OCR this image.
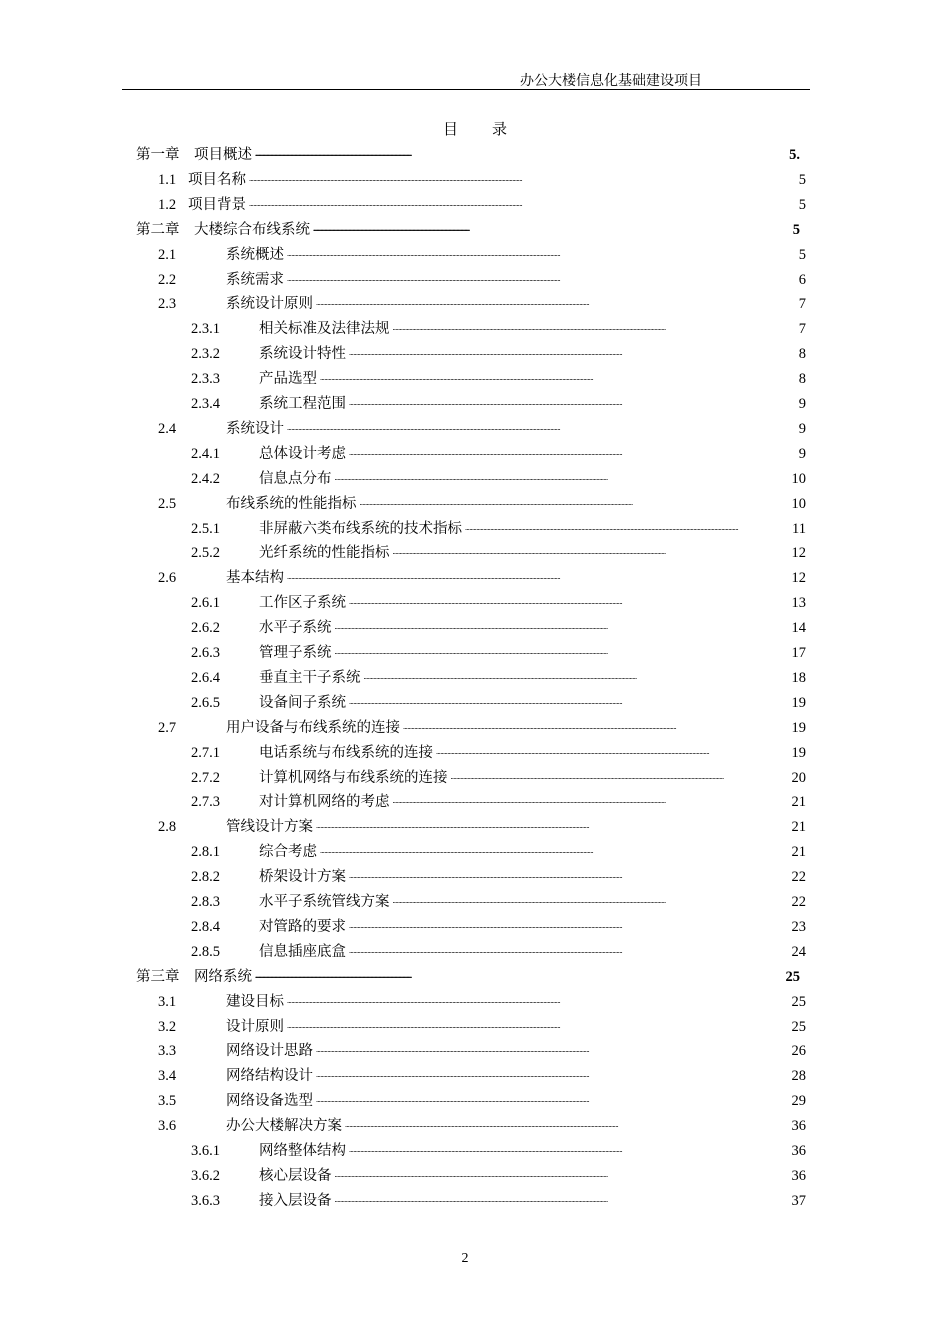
办公大楼信息化基础建设项目
目录
第一章	项目概述 . . .	5.
1.1 项目名称 . . .	5
1.2 项目背景 . . .	5
第二章	大楼综合布线系统 . . .	5
2.1	系统概述 . . .	5
2.2	系统需求 . . .	6
2.3	系统设计原则 . . .	7
2.3.1	相关标准及法律法规 . . .	7
2.3.2	系统设计特性 . . .	8
2.3.3	产品选型 . . .	8
2.3.4	系统工程范围 . . .	9
2.4	系统设计 . . .	9
2.4.1	总体设计考虑 . . .	9
2.4.2	信息点分布 . . .	10
2.5	布线系统的性能指标 . . .	10
2.5.1	非屏蔽六类布线系统的技术指标 . . .	11
2.5.2	光纤系统的性能指标 . . .	12
2.6	基本结构 . . .	12
2.6.1	工作区子系统 . . .	13
2.6.2	水平子系统 . . .	14
2.6.3	管理子系统 . . .	17
2.6.4	垂直主干子系统 . . .	18
2.6.5	设备间子系统 . . .	19
2.7	用户设备与布线系统的连接 . . .	19
2.7.1	电话系统与布线系统的连接 . . .	19
2.7.2	计算机网络与布线系统的连接 . . .	20
2.7.3	对计算机网络的考虑 . . .	21
2.8	管线设计方案 . . .	21
2.8.1	综合考虑 . . .	21
2.8.2	桥架设计方案 . . .	22
2.8.3	水平子系统管线方案 . . .	22
2.8.4	对管路的要求 . . .	23
2.8.5	信息插座底盒 . . .	24
第三章	网络系统 . . .	25
3.1	建设目标 . . .	25
3.2	设计原则 . . .	25
3.3	网络设计思路 . . .	26
3.4	网络结构设计 . . .	28
3.5	网络设备选型 . . .	29
3.6	办公大楼解决方案 . . .	36
3.6.1	网络整体结构 . . .	36
3.6.2	核心层设备 . . .	36
3.6.3	接入层设备 . . .	37
2
